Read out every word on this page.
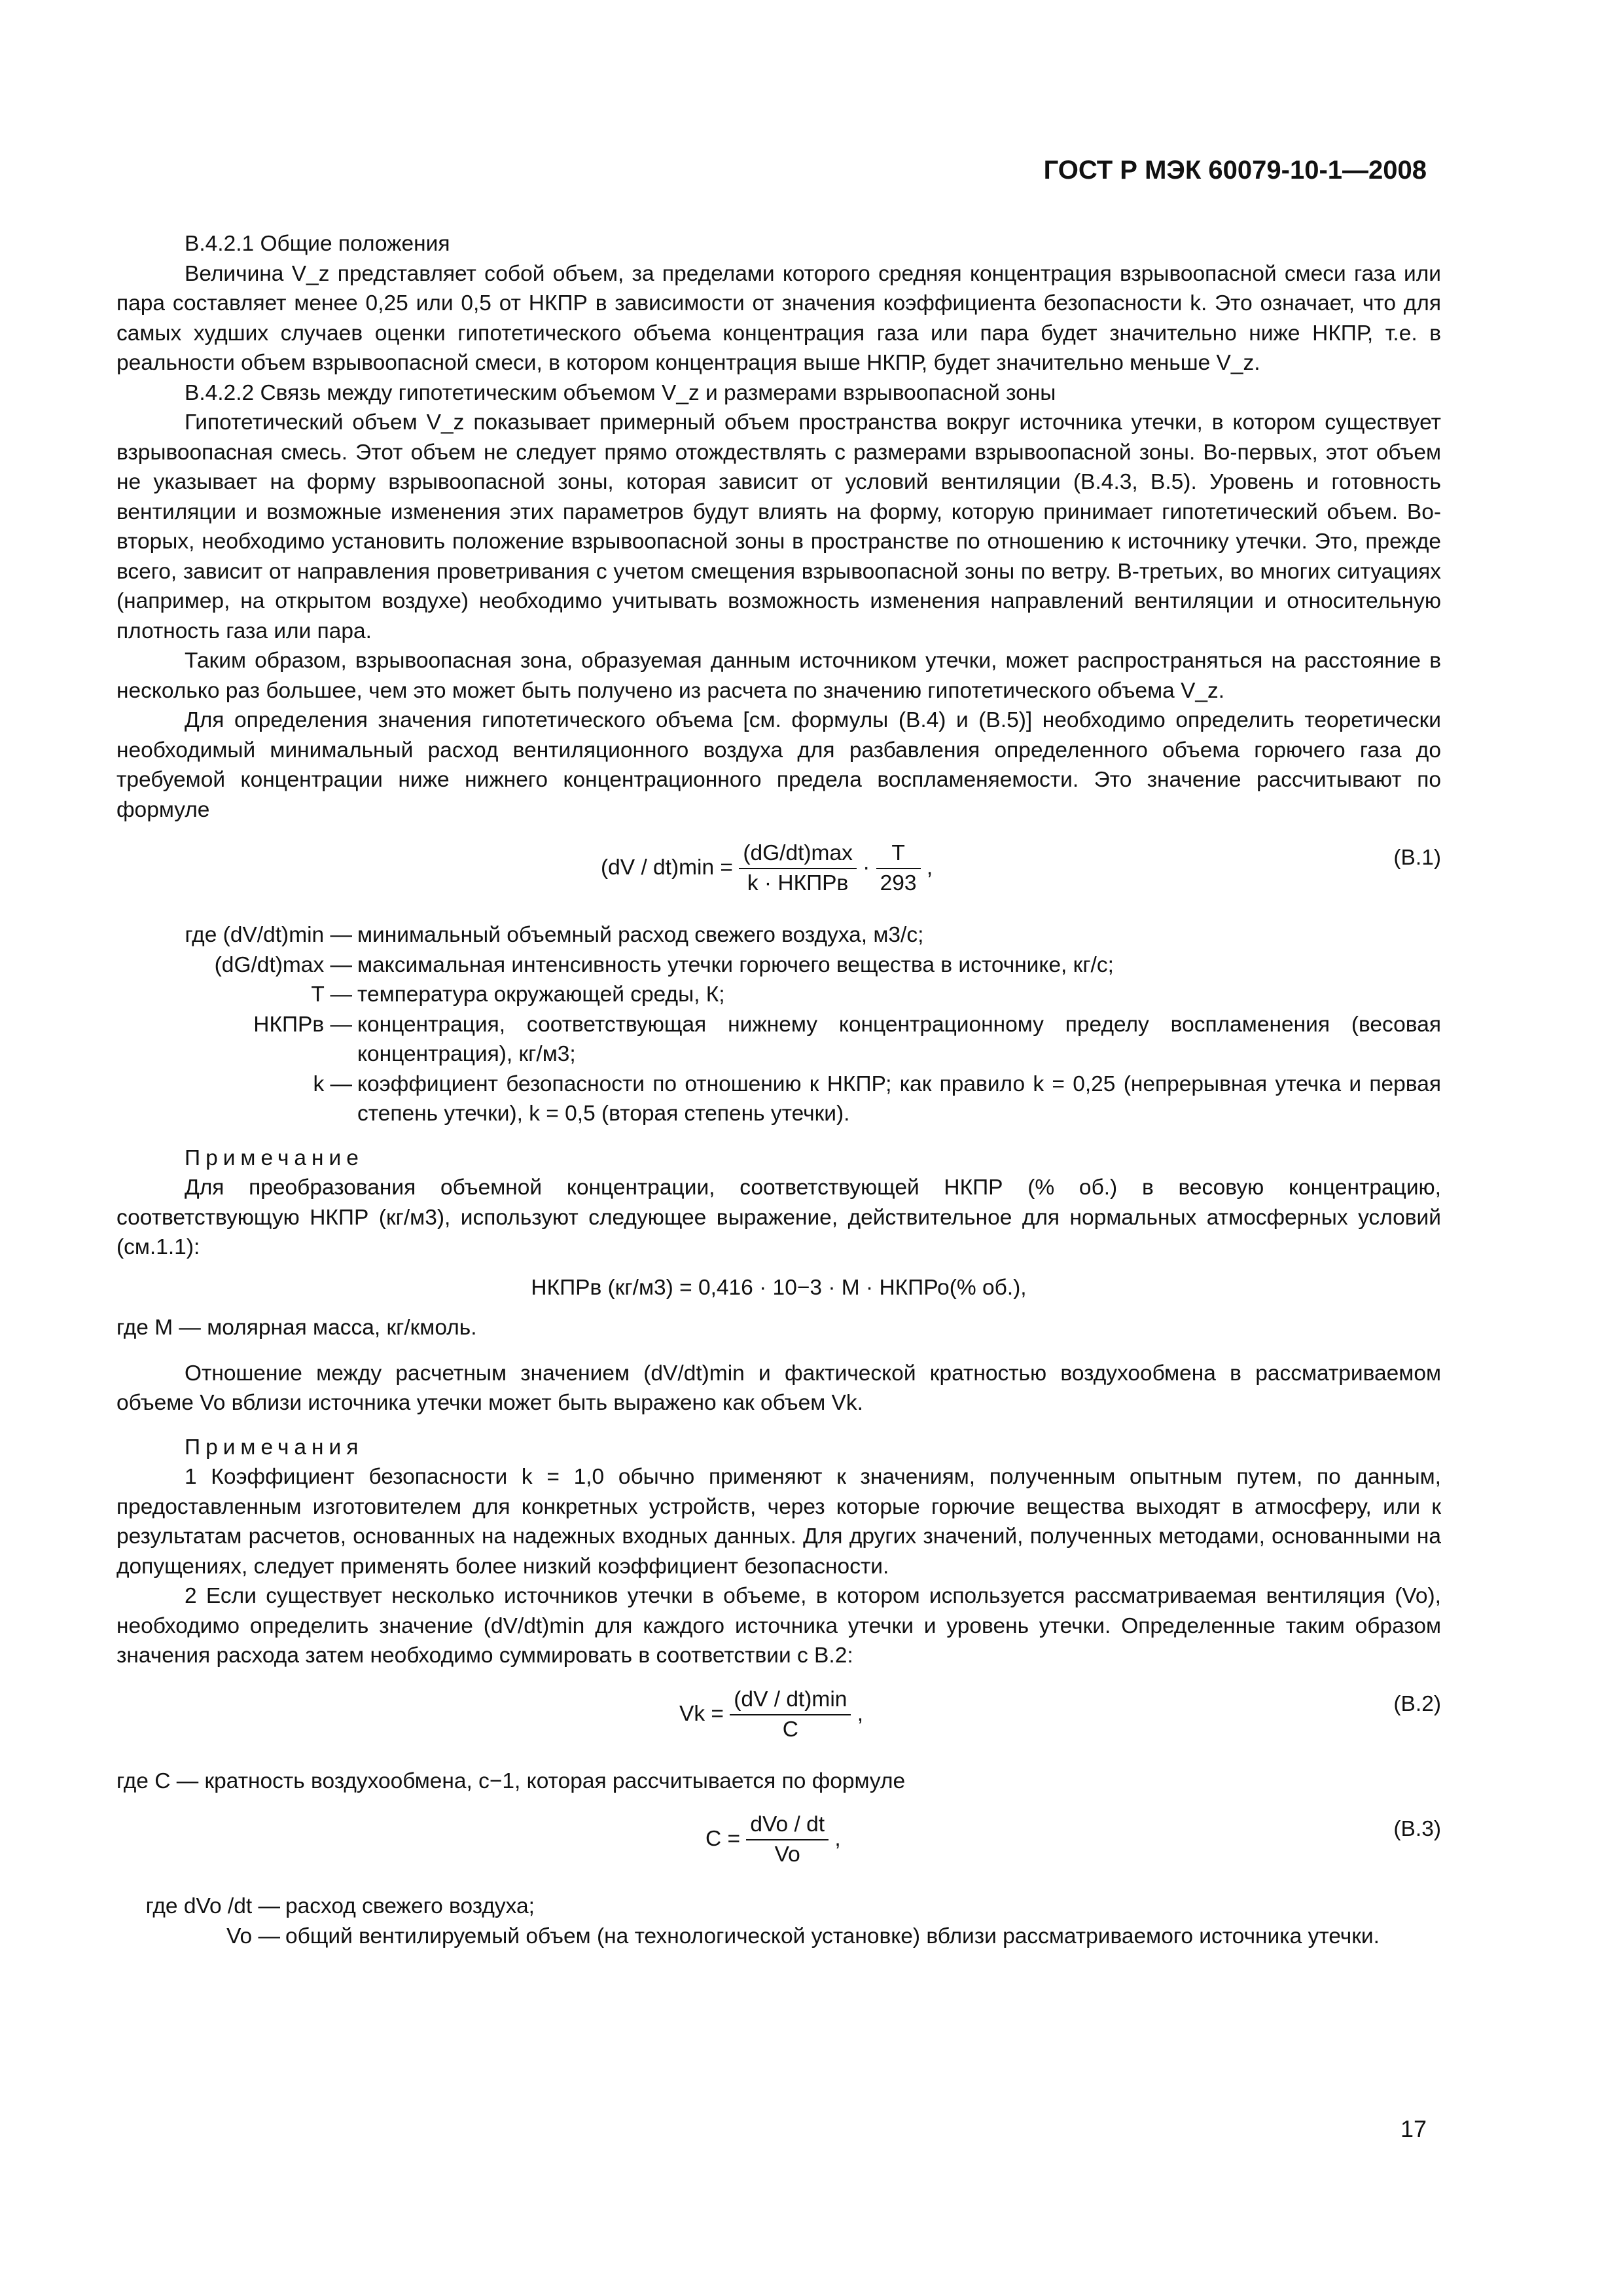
ГОСТ Р МЭК 60079-10-1—2008

В.4.2.1 Общие положения

Величина V_z представляет собой объем, за пределами которого средняя концентрация взрывоопасной смеси газа или пара составляет менее 0,25 или 0,5 от НКПР в зависимости от значения коэффициента безопасности k. Это означает, что для самых худших случаев оценки гипотетического объема концентрация газа или пара будет значительно ниже НКПР, т.е. в реальности объем взрывоопасной смеси, в котором концентрация выше НКПР, будет значительно меньше V_z.

В.4.2.2 Связь между гипотетическим объемом V_z и размерами взрывоопасной зоны

Гипотетический объем V_z показывает примерный объем пространства вокруг источника утечки, в котором существует взрывоопасная смесь. Этот объем не следует прямо отождествлять с размерами взрывоопасной зоны. Во-первых, этот объем не указывает на форму взрывоопасной зоны, которая зависит от условий вентиляции (В.4.3, В.5). Уровень и готовность вентиляции и возможные изменения этих параметров будут влиять на форму, которую принимает гипотетический объем. Во-вторых, необходимо установить положение взрывоопасной зоны в пространстве по отношению к источнику утечки. Это, прежде всего, зависит от направления проветривания с учетом смещения взрывоопасной зоны по ветру. В-третьих, во многих ситуациях (например, на открытом воздухе) необходимо учитывать возможность изменения направлений вентиляции и относительную плотность газа или пара.

Таким образом, взрывоопасная зона, образуемая данным источником утечки, может распространяться на расстояние в несколько раз большее, чем это может быть получено из расчета по значению гипотетического объема V_z.

Для определения значения гипотетического объема [см. формулы (В.4) и (В.5)] необходимо определить теоретически необходимый минимальный расход вентиляционного воздуха для разбавления определенного объема горючего газа до требуемой концентрации ниже нижнего концентрационного предела воспламеняемости. Это значение рассчитывают по формуле

$(dV / dt)\min = \frac{(dG/dt)\max}{\text{k · НКПРв}} \cdot \frac{T}{293}$ ,	(В.1)
где (dV/dt)min — минимальный объемный расход свежего воздуха, м3/с;
(dG/dt)max — максимальная интенсивность утечки горючего вещества в источнике, кг/с;
T — температура окружающей среды, К;
НКПРв — концентрация, соответствующая нижнему концентрационному пределу воспламенения (весовая концентрация), кг/м3;
k — коэффициент безопасности по отношению к НКПР; как правило k = 0,25 (непрерывная утечка и первая степень утечки), k = 0,5 (вторая степень утечки).

Примечание

Для преобразования объемной концентрации, соответствующей НКПР (% об.) в весовую концентрацию, соответствующую НКПР (кг/м3), используют следующее выражение, действительное для нормальных атмосферных условий (см.1.1):

НКПРв (кг/м3) = 0,416 · 10−3 · М · НКПРо(% об.),

где М — молярная масса, кг/кмоль.

Отношение между расчетным значением (dV/dt)min и фактической кратностью воздухообмена в рассматриваемом объеме Vo вблизи источника утечки может быть выражено как объем Vk.

Примечания

1 Коэффициент безопасности k = 1,0 обычно применяют к значениям, полученным опытным путем, по данным, предоставленным изготовителем для конкретных устройств, через которые горючие вещества выходят в атмосферу, или к результатам расчетов, основанных на надежных входных данных. Для других значений, полученных методами, основанными на допущениях, следует применять более низкий коэффициент безопасности.

2 Если существует несколько источников утечки в объеме, в котором используется рассматриваемая вентиляция (Vo), необходимо определить значение (dV/dt)min для каждого источника утечки и уровень утечки. Определенные таким образом значения расхода затем необходимо суммировать в соответствии с В.2:

$Vk = \frac{(dV / dt)\min}{C}$ ,	(В.2)

где C — кратность воздухообмена, с−1, которая рассчитывается по формуле

$C = \frac{\text{dVo / dt}}{Vo}$ ,	(В.3)
где dVo /dt — расход свежего воздуха;
Vo — общий вентилируемый объем (на технологической установке) вблизи рассматриваемого источника утечки.
17
